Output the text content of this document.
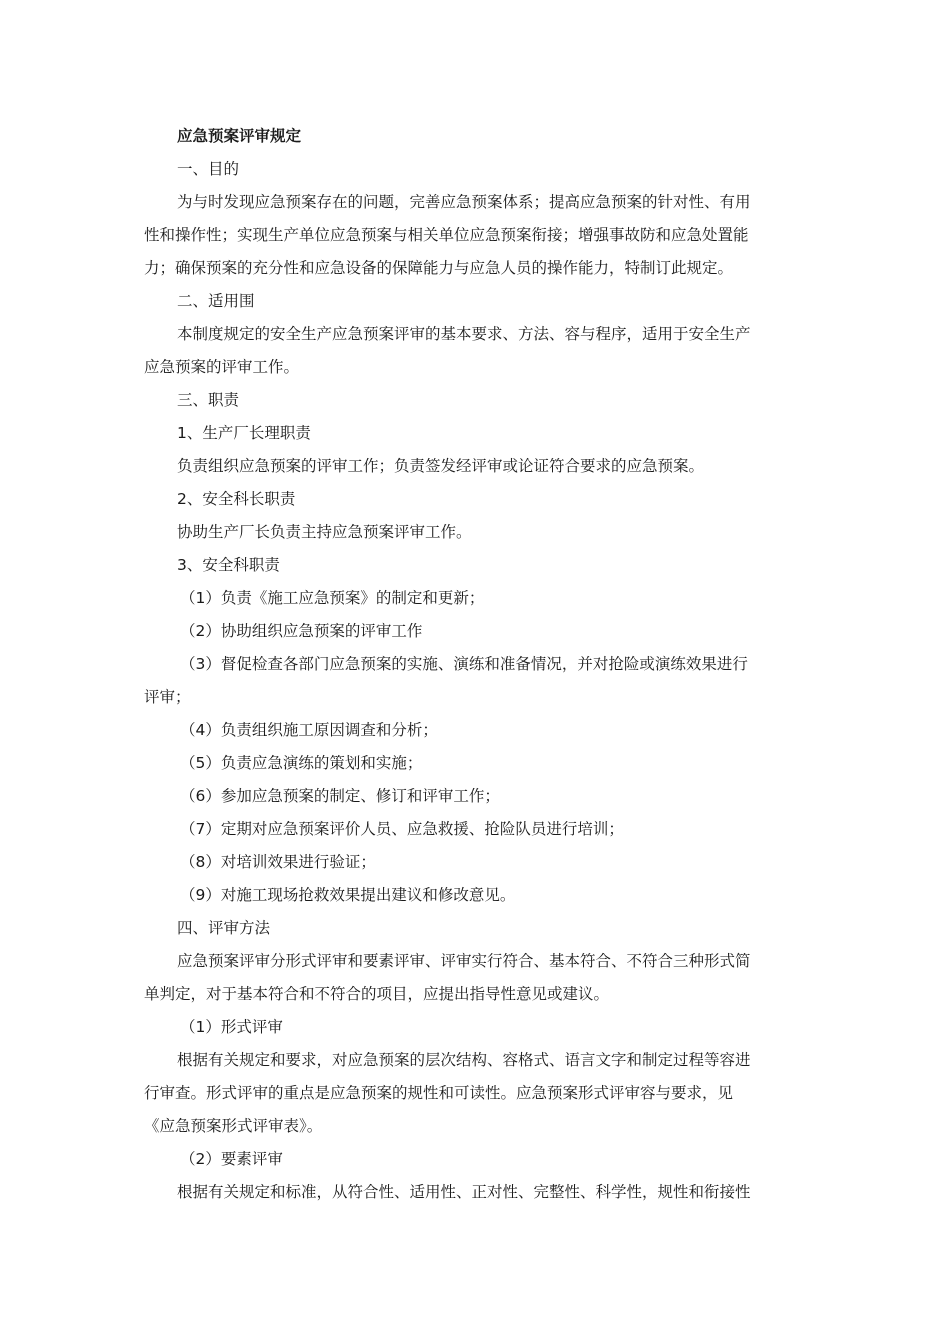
应急预案评审规定

一、目的

为与时发现应急预案存在的问题，完善应急预案体系；提高应急预案的针对性、有用
性和操作性；实现生产单位应急预案与相关单位应急预案衔接；增强事故防和应急处置能
力；确保预案的充分性和应急设备的保障能力与应急人员的操作能力，特制订此规定。

二、适用围

本制度规定的安全生产应急预案评审的基本要求、方法、容与程序，适用于安全生产
应急预案的评审工作。

三、职责

1、生产厂长理职责

负责组织应急预案的评审工作；负责签发经评审或论证符合要求的应急预案。

2、安全科长职责

协助生产厂长负责主持应急预案评审工作。

3、安全科职责

（1）负责《施工应急预案》的制定和更新；

（2）协助组织应急预案的评审工作

（3）督促检查各部门应急预案的实施、演练和准备情况，并对抢险或演练效果进行
评审；

（4）负责组织施工原因调查和分析；

（5）负责应急演练的策划和实施；

（6）参加应急预案的制定、修订和评审工作；

（7）定期对应急预案评价人员、应急救援、抢险队员进行培训；

（8）对培训效果进行验证；

（9）对施工现场抢救效果提出建议和修改意见。

四、评审方法

应急预案评审分形式评审和要素评审、评审实行符合、基本符合、不符合三种形式简
单判定，对于基本符合和不符合的项目，应提出指导性意见或建议。

（1）形式评审

根据有关规定和要求，对应急预案的层次结构、容格式、语言文字和制定过程等容进
行审查。形式评审的重点是应急预案的规性和可读性。应急预案形式评审容与要求，见
《应急预案形式评审表》。

（2）要素评审

根据有关规定和标准，从符合性、适用性、正对性、完整性、科学性，规性和衔接性
